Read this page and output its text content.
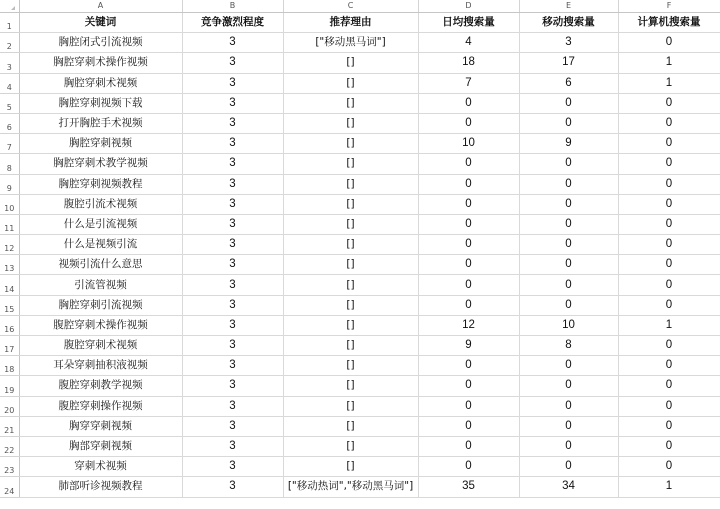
	A	B	C	D	E	F
1	关键词	竞争激烈程度	推荐理由	日均搜索量	移动搜索量	计算机搜索量
2	胸腔闭式引流视频	3	["移动黑马词"]	4	3	0
3	胸腔穿刺术操作视频	3	[]	18	17	1
4	胸腔穿刺术视频	3	[]	7	6	1
5	胸腔穿刺视频下载	3	[]	0	0	0
6	打开胸腔手术视频	3	[]	0	0	0
7	胸腔穿刺视频	3	[]	10	9	0
8	胸腔穿刺术教学视频	3	[]	0	0	0
9	胸腔穿刺视频教程	3	[]	0	0	0
10	腹腔引流术视频	3	[]	0	0	0
11	什么是引流视频	3	[]	0	0	0
12	什么是视频引流	3	[]	0	0	0
13	视频引流什么意思	3	[]	0	0	0
14	引流管视频	3	[]	0	0	0
15	胸腔穿刺引流视频	3	[]	0	0	0
16	腹腔穿刺术操作视频	3	[]	12	10	1
17	腹腔穿刺术视频	3	[]	9	8	0
18	耳朵穿刺抽积液视频	3	[]	0	0	0
19	腹腔穿刺教学视频	3	[]	0	0	0
20	腹腔穿刺操作视频	3	[]	0	0	0
21	胸穿穿刺视频	3	[]	0	0	0
22	胸部穿刺视频	3	[]	0	0	0
23	穿刺术视频	3	[]	0	0	0
24	肺部听诊视频教程	3	["移动热词","移动黑马词"]	35	34	1
